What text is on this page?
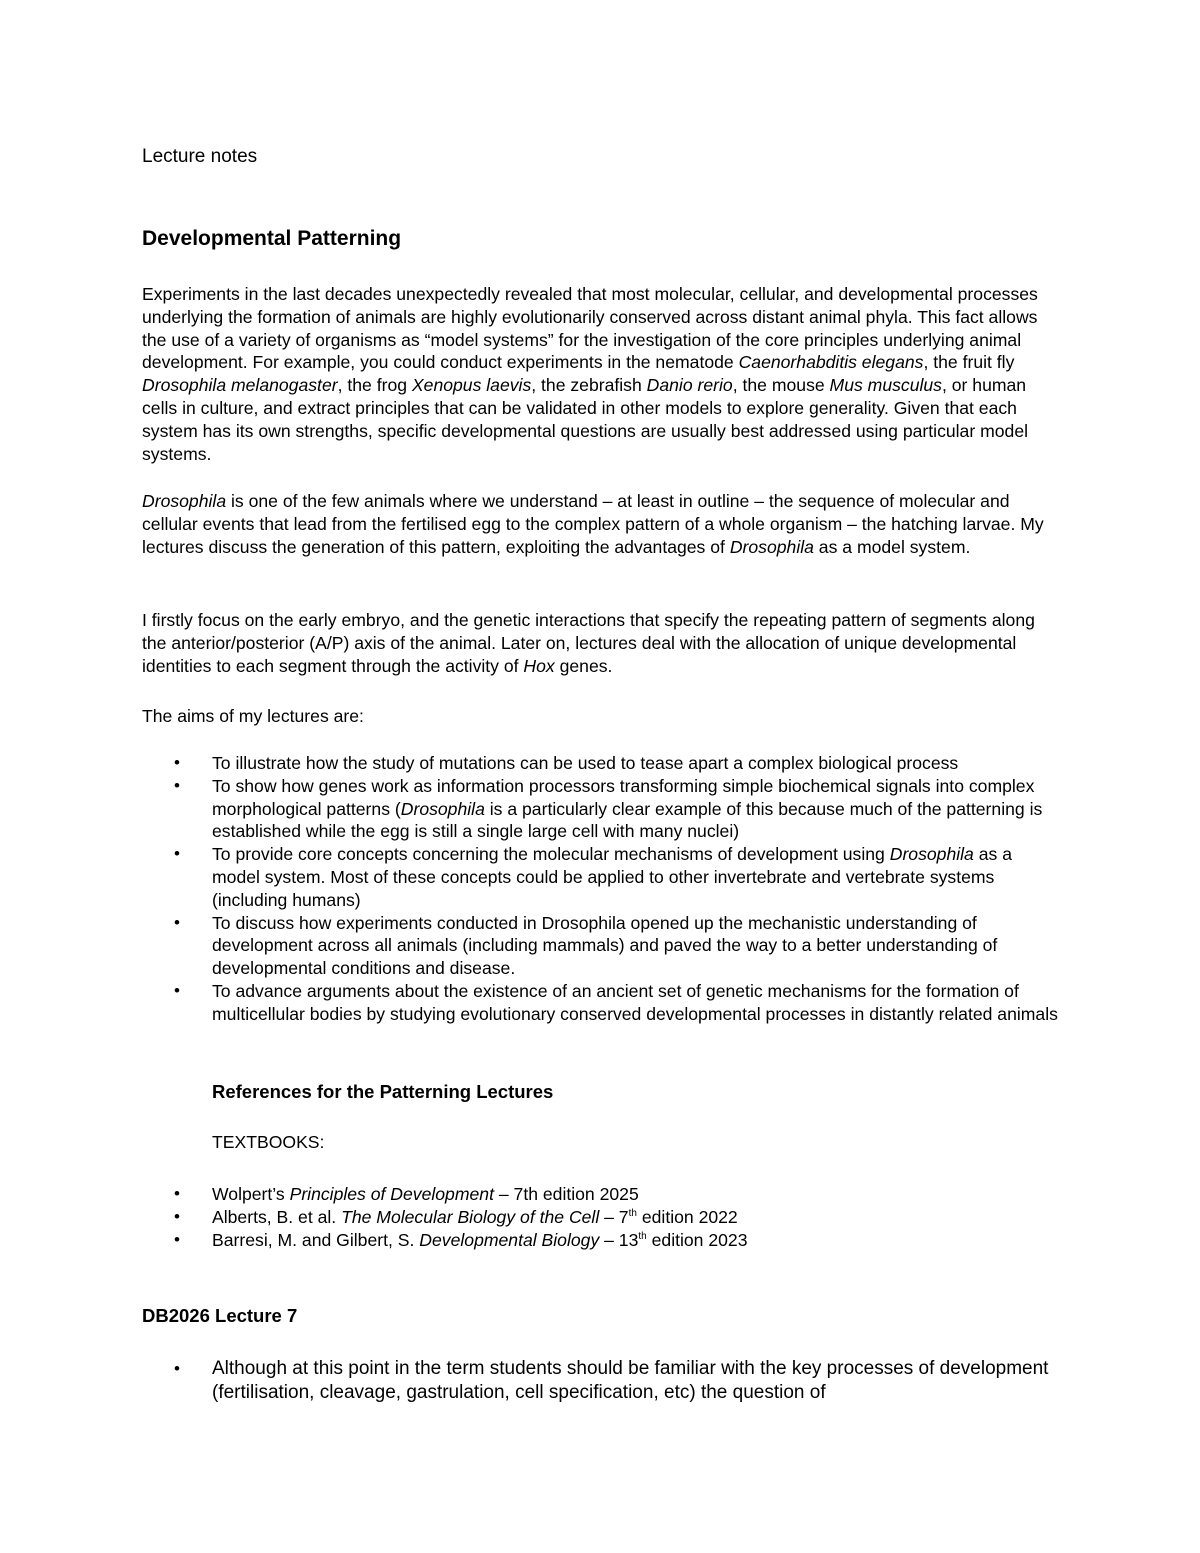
Lecture notes
Developmental Patterning

Experiments in the last decades unexpectedly revealed that most molecular, cellular, and developmental processes underlying the formation of animals are highly evolutionarily conserved across distant animal phyla. This fact allows the use of a variety of organisms as “model systems” for the investigation of the core principles underlying animal development. For example, you could conduct experiments in the nematode Caenorhabditis elegans, the fruit fly Drosophila melanogaster, the frog Xenopus laevis, the zebrafish Danio rerio, the mouse Mus musculus, or human cells in culture, and extract principles that can be validated in other models to explore generality. Given that each system has its own strengths, specific developmental questions are usually best addressed using particular model systems.

Drosophila is one of the few animals where we understand – at least in outline – the sequence of molecular and cellular events that lead from the fertilised egg to the complex pattern of a whole organism – the hatching larvae. My lectures discuss the generation of this pattern, exploiting the advantages of Drosophila as a model system.

I firstly focus on the early embryo, and the genetic interactions that specify the repeating pattern of segments along the anterior/posterior (A/P) axis of the animal. Later on, lectures deal with the allocation of unique developmental identities to each segment through the activity of Hox genes.

The aims of my lectures are:

• To illustrate how the study of mutations can be used to tease apart a complex biological process
• To show how genes work as information processors transforming simple biochemical signals into complex morphological patterns (Drosophila is a particularly clear example of this because much of the patterning is established while the egg is still a single large cell with many nuclei)
• To provide core concepts concerning the molecular mechanisms of development using Drosophila as a model system. Most of these concepts could be applied to other invertebrate and vertebrate systems (including humans)
• To discuss how experiments conducted in Drosophila opened up the mechanistic understanding of development across all animals (including mammals) and paved the way to a better understanding of developmental conditions and disease.
• To advance arguments about the existence of an ancient set of genetic mechanisms for the formation of multicellular bodies by studying evolutionary conserved developmental processes in distantly related animals
References for the Patterning Lectures
TEXTBOOKS:
• Wolpert’s Principles of Development – 7th edition 2025
• Alberts, B. et al. The Molecular Biology of the Cell – 7th edition 2022
• Barresi, M. and Gilbert, S. Developmental Biology – 13th edition 2023
DB2026 Lecture 7
• Although at this point in the term students should be familiar with the key processes of development (fertilisation, cleavage, gastrulation, cell specification, etc) the question of
